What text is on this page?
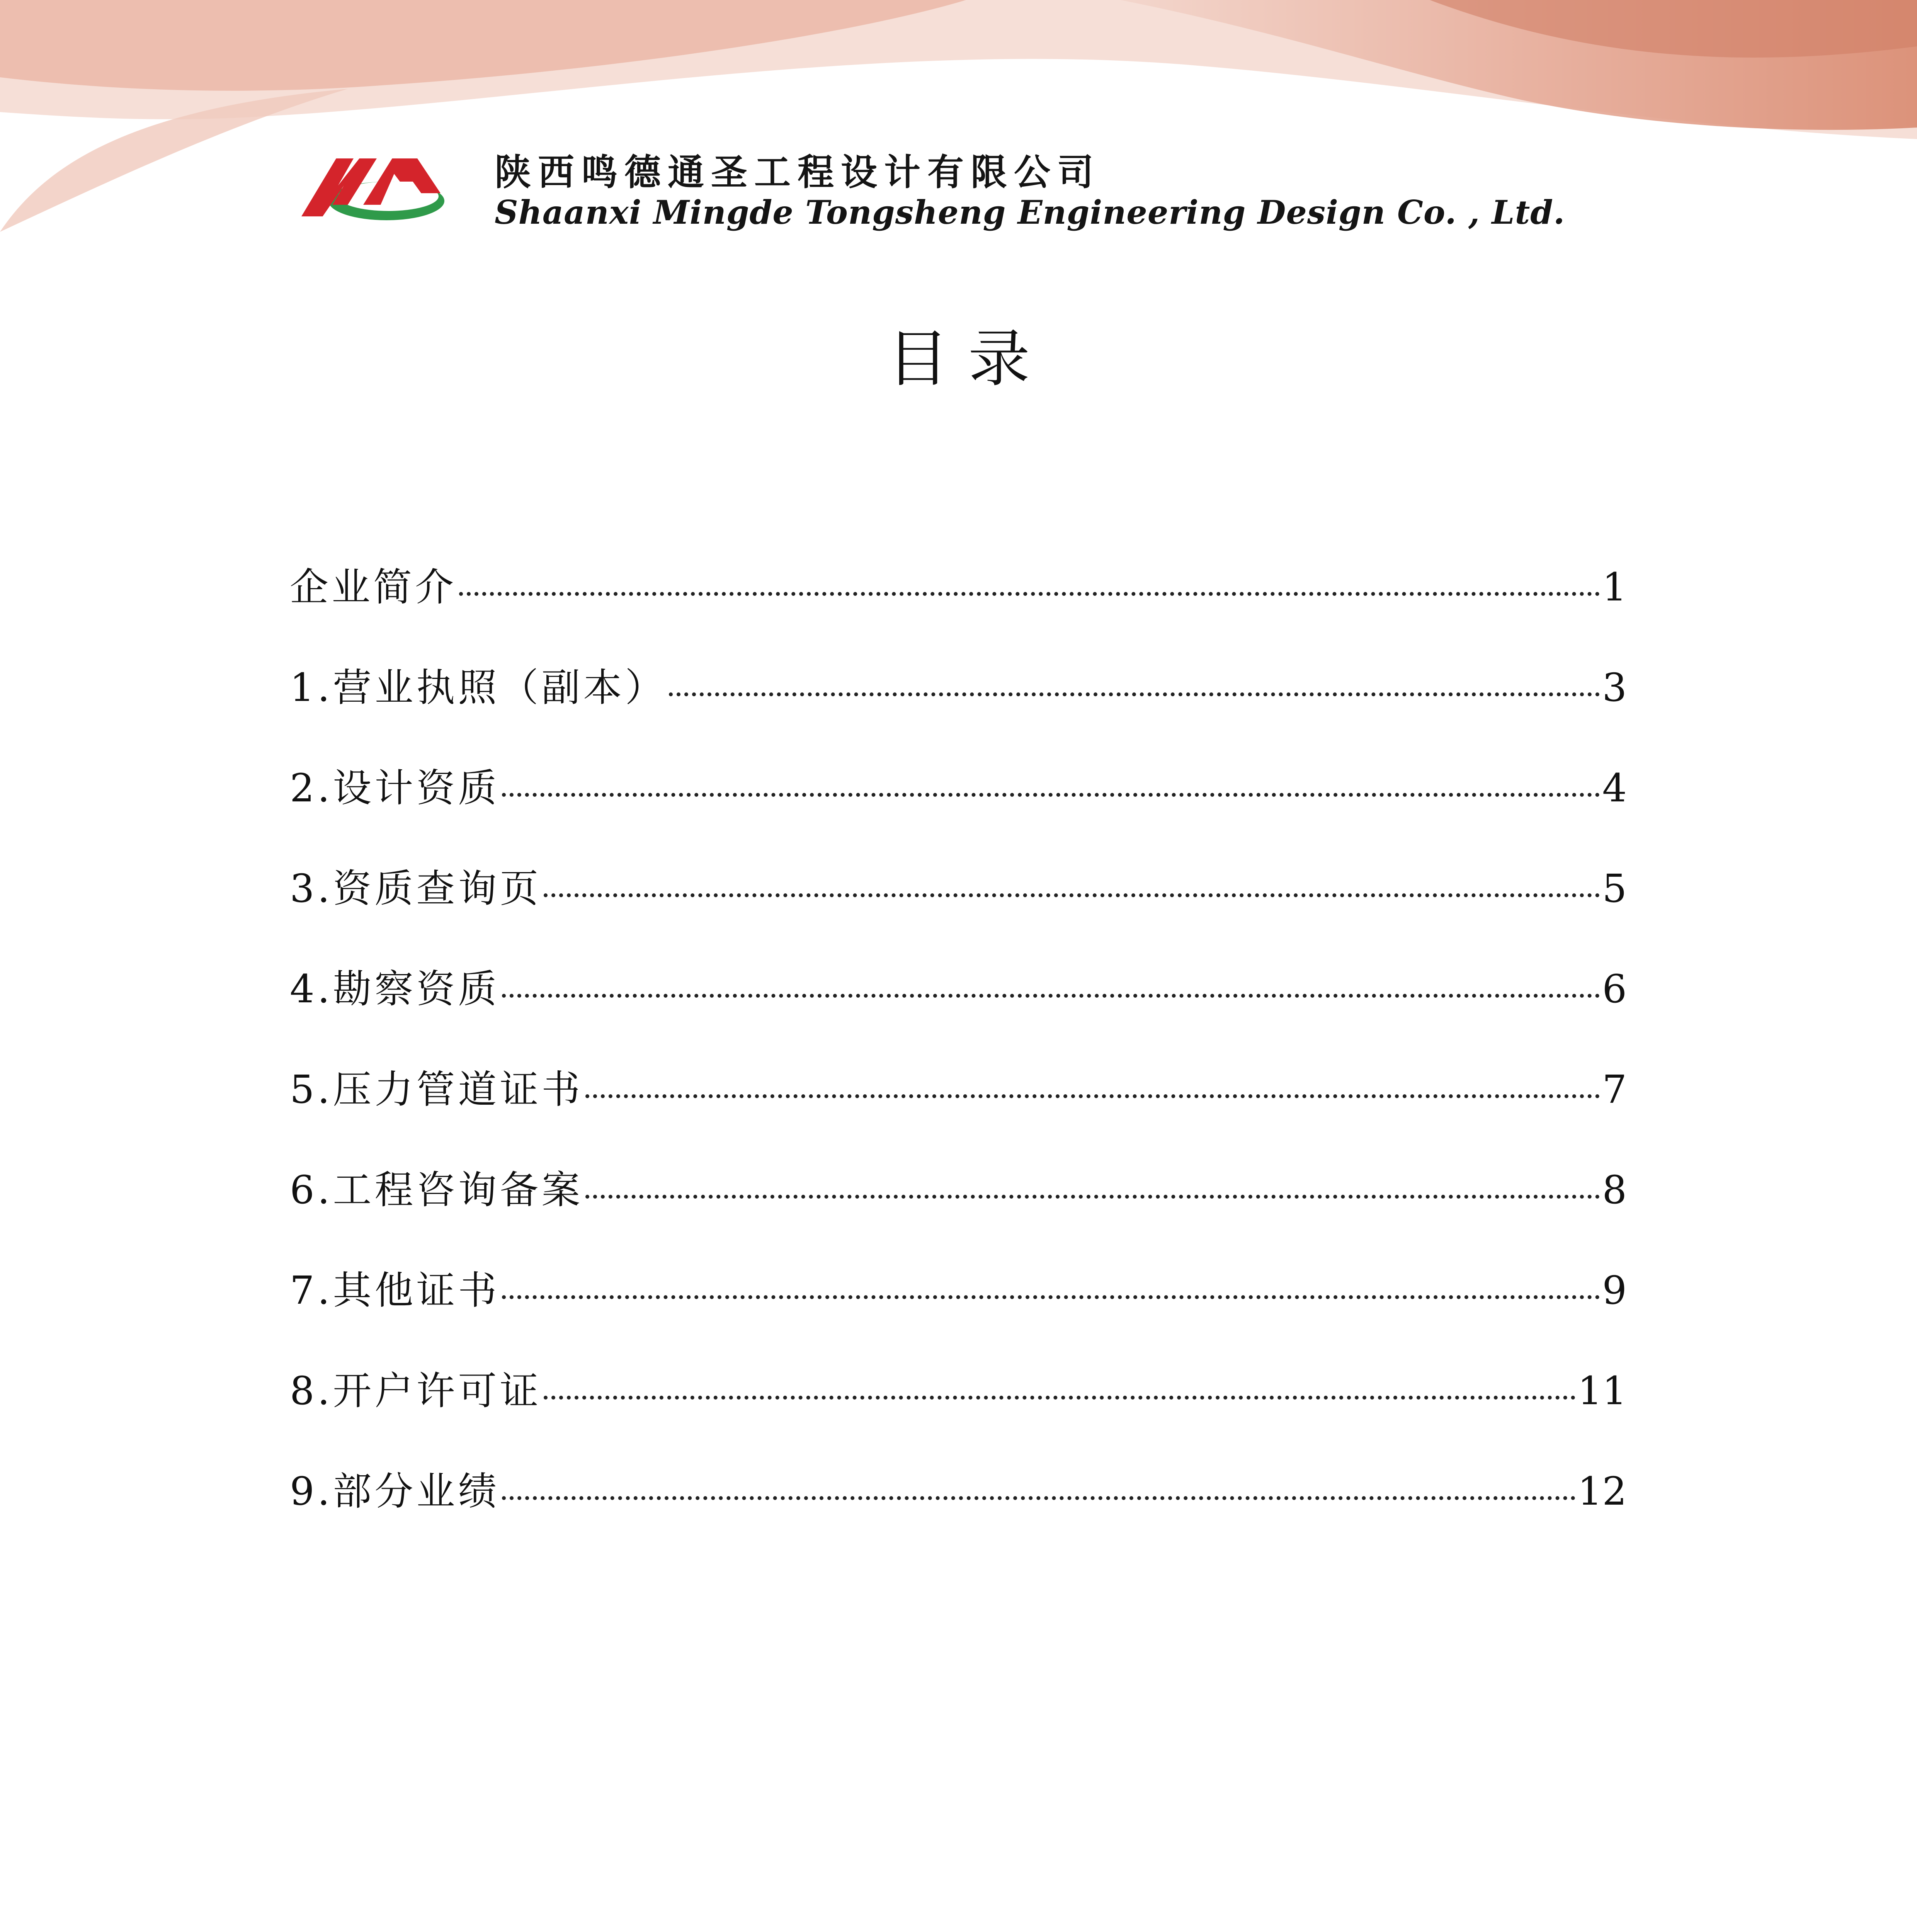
陕西鸣德通圣工程设计有限公司
Shaanxi Mingde Tongsheng Engineering Design Co. , Ltd.
目录
企业简介	1
1.营业执照（副本）	3
2.设计资质	4
3.资质查询页	5
4.勘察资质	6
5.压力管道证书	7
6.工程咨询备案	8
7.其他证书	9
8.开户许可证	11
9.部分业绩	12
